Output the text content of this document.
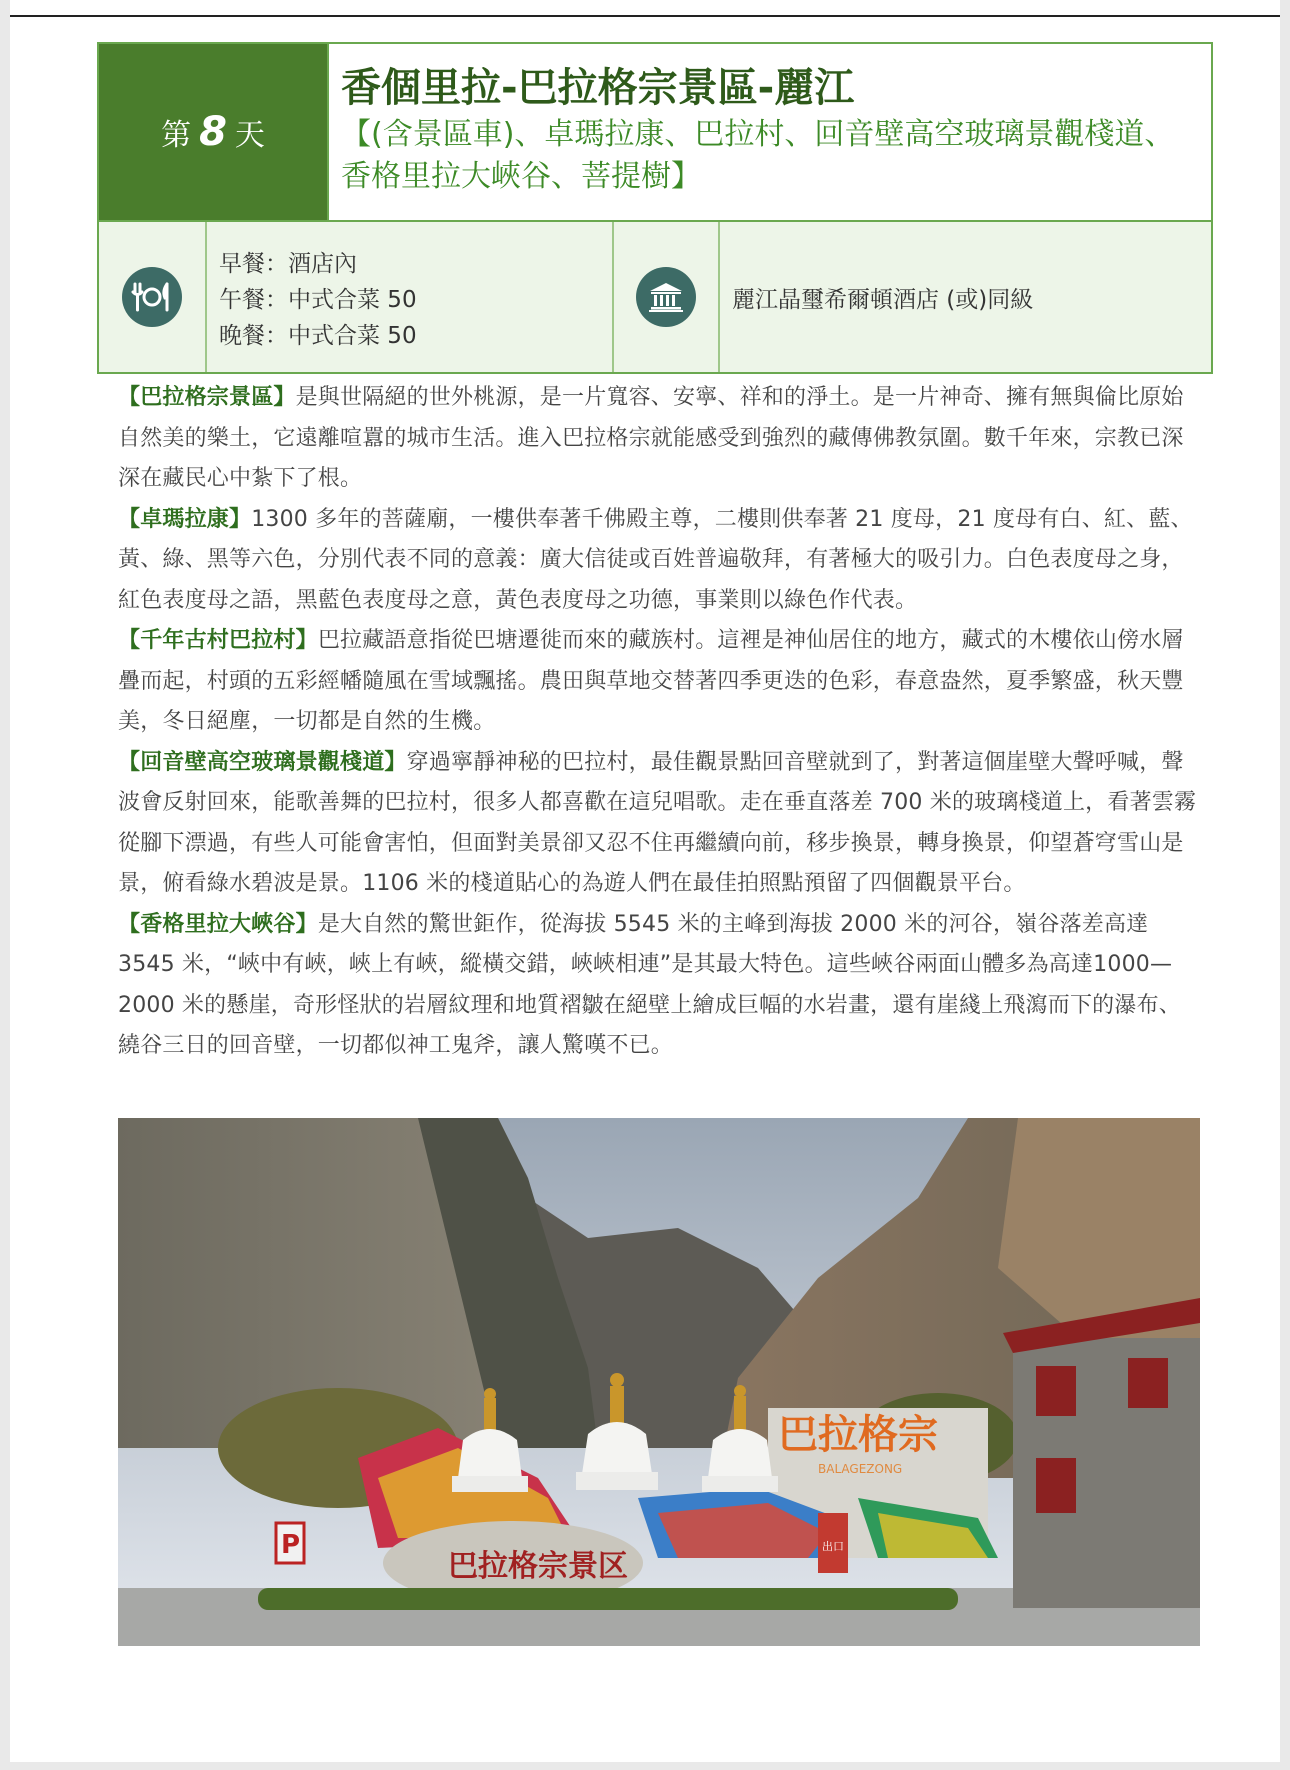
第 8 天
香個里拉-巴拉格宗景區-麗江
【(含景區車)、卓瑪拉康、巴拉村、回音壁高空玻璃景觀棧道、
香格里拉大峽谷、菩提樹】
早餐：酒店內
午餐：中式合菜 50
晚餐：中式合菜 50
麗江晶璽希爾頓酒店 (或)同級

【巴拉格宗景區】是與世隔絕的世外桃源，是一片寬容、安寧、祥和的淨土。是一片神奇、擁有無與倫比原始自然美的樂土，它遠離喧囂的城市生活。進入巴拉格宗就能感受到強烈的藏傳佛教氛圍。數千年來，宗教已深深在藏民心中紮下了根。

【卓瑪拉康】1300 多年的菩薩廟，一樓供奉著千佛殿主尊，二樓則供奉著 21 度母，21 度母有白、紅、藍、黃、綠、黑等六色，分別代表不同的意義：廣大信徒或百姓普遍敬拜，有著極大的吸引力。白色表度母之身，紅色表度母之語，黑藍色表度母之意，黃色表度母之功德，事業則以綠色作代表。

【千年古村巴拉村】巴拉藏語意指從巴塘遷徙而來的藏族村。這裡是神仙居住的地方，藏式的木樓依山傍水層疊而起，村頭的五彩經幡隨風在雪域飄搖。農田與草地交替著四季更迭的色彩，春意盎然，夏季繁盛，秋天豐美，冬日絕塵，一切都是自然的生機。

【回音壁高空玻璃景觀棧道】穿過寧靜神秘的巴拉村，最佳觀景點回音壁就到了，對著這個崖壁大聲呼喊，聲波會反射回來，能歌善舞的巴拉村，很多人都喜歡在這兒唱歌。走在垂直落差 700 米的玻璃棧道上，看著雲霧從腳下漂過，有些人可能會害怕，但面對美景卻又忍不住再繼續向前，移步換景，轉身換景，仰望蒼穹雪山是景，俯看綠水碧波是景。1106 米的棧道貼心的為遊人們在最佳拍照點預留了四個觀景平台。

【香格里拉大峽谷】是大自然的驚世鉅作，從海拔 5545 米的主峰到海拔 2000 米的河谷，嶺谷落差高達 3545 米，“峽中有峽，峽上有峽，縱橫交錯，峽峽相連”是其最大特色。這些峽谷兩面山體多為高達1000—2000 米的懸崖，奇形怪狀的岩層紋理和地質褶皺在絕壁上繪成巨幅的水岩畫，還有崖綫上飛瀉而下的瀑布、繞谷三日的回音壁，一切都似神工鬼斧，讓人驚嘆不已。

巴拉格宗
BALAGEZONG
巴拉格宗景区
P	出口
